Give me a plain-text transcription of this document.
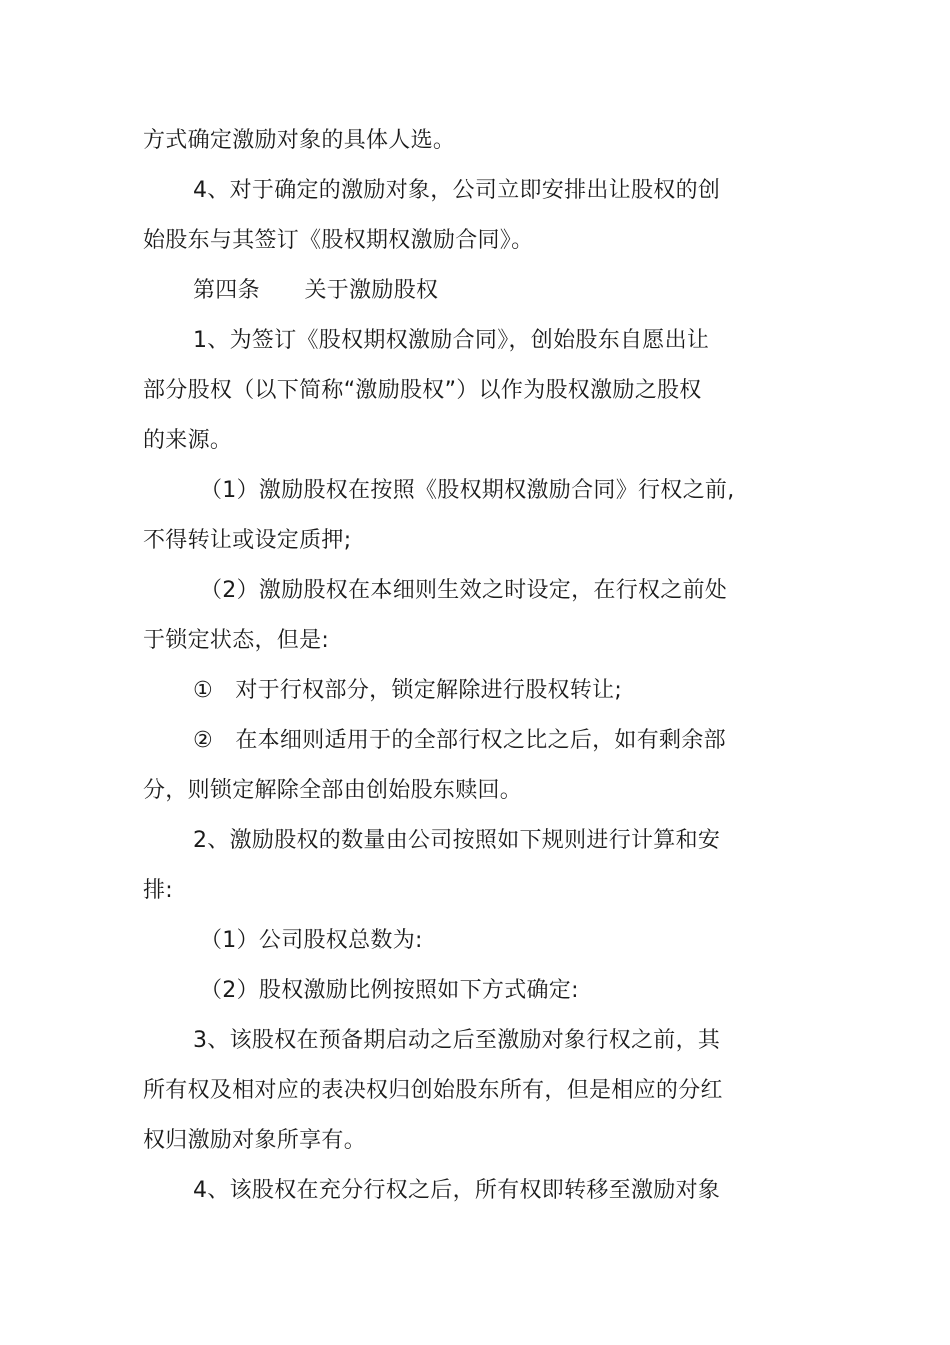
方式确定激励对象的具体人选。
4、对于确定的激励对象，公司立即安排出让股权的创
始股东与其签订《股权期权激励合同》。
第四条　　关于激励股权
1、为签订《股权期权激励合同》，创始股东自愿出让
部分股权（以下简称“激励股权”）以作为股权激励之股权
的来源。
（1）激励股权在按照《股权期权激励合同》行权之前,
不得转让或设定质押;
（2）激励股权在本细则生效之时设定，在行权之前处
于锁定状态，但是:
①　对于行权部分，锁定解除进行股权转让;
②　在本细则适用于的全部行权之比之后，如有剩余部
分，则锁定解除全部由创始股东赎回。
2、激励股权的数量由公司按照如下规则进行计算和安
排:
（1）公司股权总数为:
（2）股权激励比例按照如下方式确定:
3、该股权在预备期启动之后至激励对象行权之前，其
所有权及相对应的表决权归创始股东所有，但是相应的分红
权归激励对象所享有。
4、该股权在充分行权之后，所有权即转移至激励对象
